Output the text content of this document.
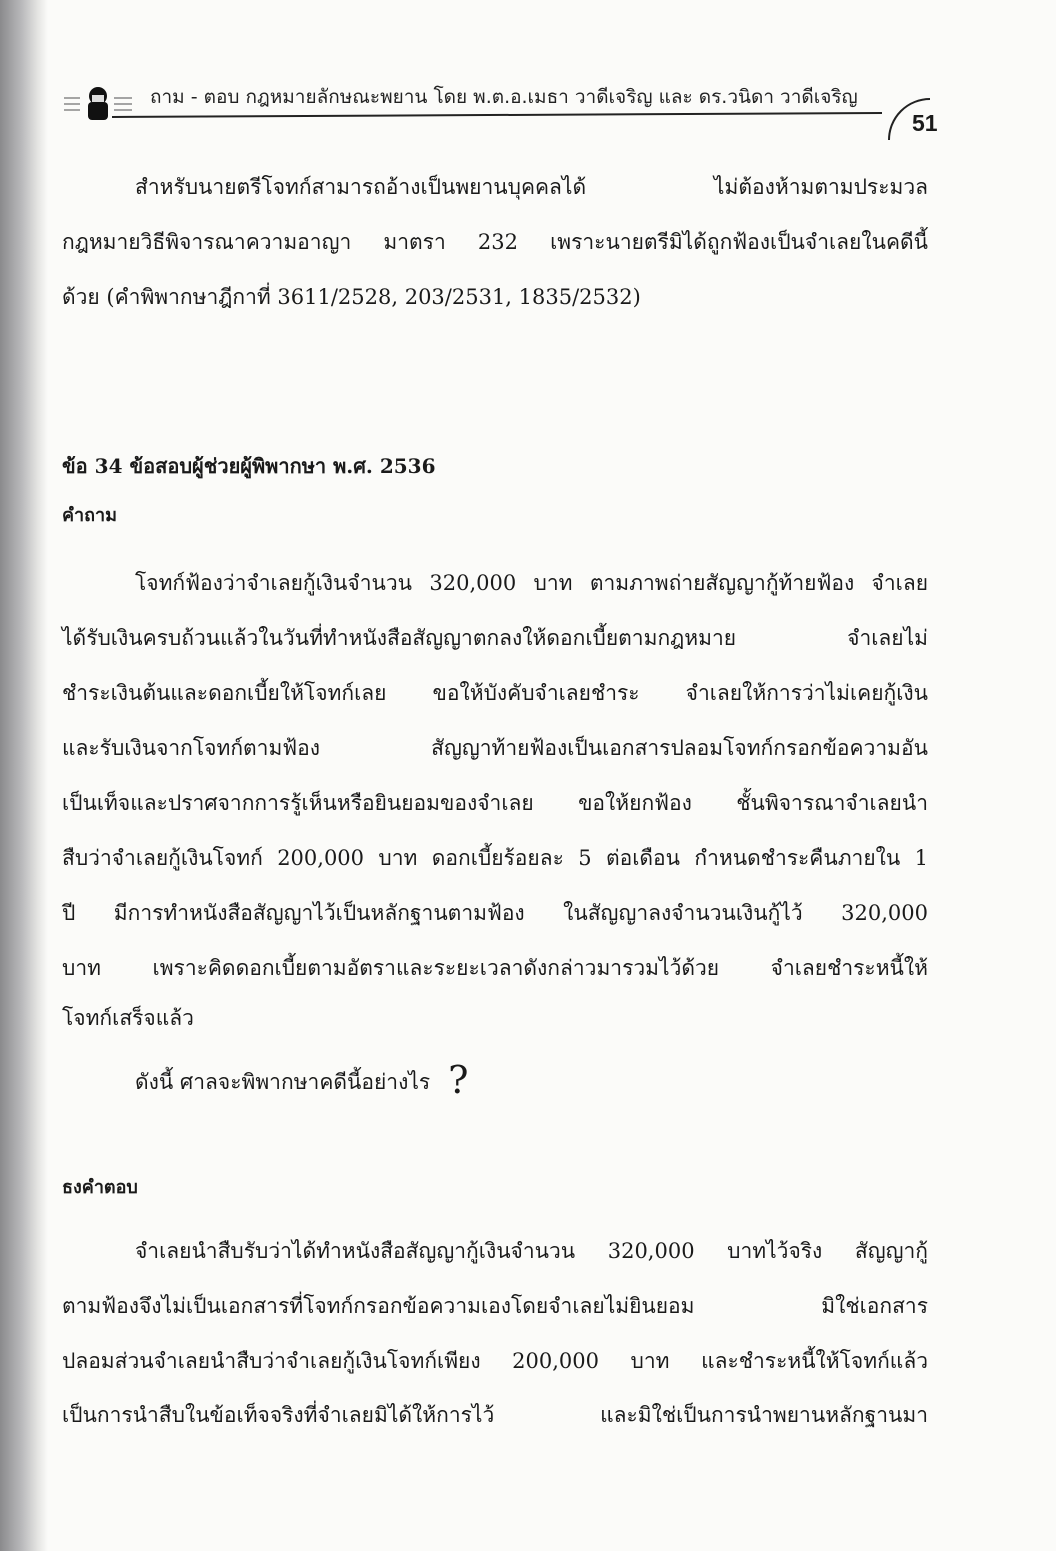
ถาม - ตอบ กฎหมายลักษณะพยาน โดย พ.ต.อ.เมธา วาดีเจริญ และ ดร.วนิดา วาดีเจริญ
51
สำหรับนายตรีโจทก์สามารถอ้างเป็นพยานบุคคลได้ ไม่ต้องห้ามตามประมวล
กฎหมายวิธีพิจารณาความอาญา มาตรา 232 เพราะนายตรีมิได้ถูกฟ้องเป็นจำเลยในคดีนี้
ด้วย (คำพิพากษาฎีกาที่ 3611/2528, 203/2531, 1835/2532)
ข้อ 34 ข้อสอบผู้ช่วยผู้พิพากษา พ.ศ. 2536
คำถาม
โจทก์ฟ้องว่าจำเลยกู้เงินจำนวน 320,000 บาท ตามภาพถ่ายสัญญากู้ท้ายฟ้อง จำเลย
ได้รับเงินครบถ้วนแล้วในวันที่ทำหนังสือสัญญาตกลงให้ดอกเบี้ยตามกฎหมาย จำเลยไม่
ชำระเงินต้นและดอกเบี้ยให้โจทก์เลย ขอให้บังคับจำเลยชำระ จำเลยให้การว่าไม่เคยกู้เงิน
และรับเงินจากโจทก์ตามฟ้อง สัญญาท้ายฟ้องเป็นเอกสารปลอมโจทก์กรอกข้อความอัน
เป็นเท็จและปราศจากการรู้เห็นหรือยินยอมของจำเลย ขอให้ยกฟ้อง ชั้นพิจารณาจำเลยนำ
สืบว่าจำเลยกู้เงินโจทก์ 200,000 บาท ดอกเบี้ยร้อยละ 5 ต่อเดือน กำหนดชำระคืนภายใน 1
ปี มีการทำหนังสือสัญญาไว้เป็นหลักฐานตามฟ้อง ในสัญญาลงจำนวนเงินกู้ไว้ 320,000
บาท เพราะคิดดอกเบี้ยตามอัตราและระยะเวลาดังกล่าวมารวมไว้ด้วย จำเลยชำระหนี้ให้
โจทก์เสร็จแล้ว
ดังนี้ ศาลจะพิพากษาคดีนี้อย่างไร ?
ธงคำตอบ
จำเลยนำสืบรับว่าได้ทำหนังสือสัญญากู้เงินจำนวน 320,000 บาทไว้จริง สัญญากู้
ตามฟ้องจึงไม่เป็นเอกสารที่โจทก์กรอกข้อความเองโดยจำเลยไม่ยินยอม มิใช่เอกสาร
ปลอมส่วนจำเลยนำสืบว่าจำเลยกู้เงินโจทก์เพียง 200,000 บาท และชำระหนี้ให้โจทก์แล้ว
เป็นการนำสืบในข้อเท็จจริงที่จำเลยมิได้ให้การไว้ และมิใช่เป็นการนำพยานหลักฐานมา
